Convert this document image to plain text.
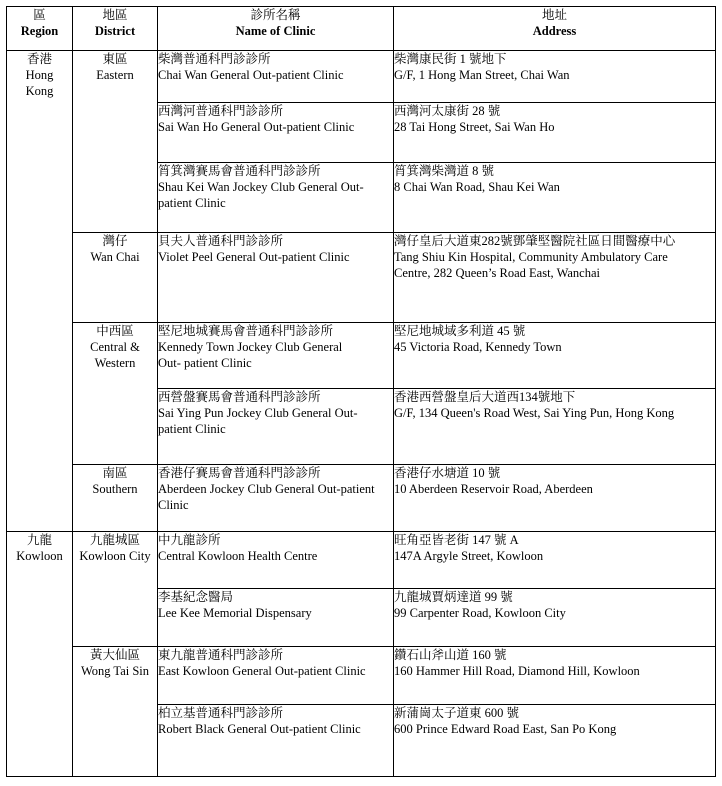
區
Region	地區
District	診所名稱
Name of Clinic	地址
Address

香港
Hong
Kong	東區
Eastern	柴灣普通科門診診所
Chai Wan General Out-patient Clinic	柴灣康民街 1 號地下
G/F, 1 Hong Man Street, Chai Wan

		西灣河普通科門診診所
Sai Wan Ho General Out-patient Clinic	西灣河太康街 28 號
28 Tai Hong Street, Sai Wan Ho

		筲箕灣賽馬會普通科門診診所
Shau Kei Wan Jockey Club General Out-
patient Clinic	筲箕灣柴灣道 8 號
8 Chai Wan Road, Shau Kei Wan

	灣仔
Wan Chai	貝夫人普通科門診診所
Violet Peel General Out-patient Clinic	灣仔皇后大道東282號鄧肇堅醫院社區日間醫療中心
Tang Shiu Kin Hospital, Community Ambulatory Care
Centre, 282 Queen’s Road East, Wanchai

	中西區
Central &
Western	堅尼地城賽馬會普通科門診診所
Kennedy Town Jockey Club General
Out- patient Clinic	堅尼地城域多利道 45 號
45 Victoria Road, Kennedy Town

		西營盤賽馬會普通科門診診所
Sai Ying Pun Jockey Club General Out-
patient Clinic	香港西營盤皇后大道西134號地下
G/F, 134 Queen's Road West, Sai Ying Pun, Hong Kong

	南區
Southern	香港仔賽馬會普通科門診診所
Aberdeen Jockey Club General Out-patient
Clinic	香港仔水塘道 10 號
10 Aberdeen Reservoir Road, Aberdeen

九龍
Kowloon	九龍城區
Kowloon City	中九龍診所
Central Kowloon Health Centre	旺角亞皆老街 147 號 A
147A Argyle Street, Kowloon

		李基紀念醫局
Lee Kee Memorial Dispensary	九龍城賈炳達道 99 號
99 Carpenter Road, Kowloon City

	黃大仙區
Wong Tai Sin	東九龍普通科門診診所
East Kowloon General Out-patient Clinic	鑽石山斧山道 160 號
160 Hammer Hill Road, Diamond Hill, Kowloon

		柏立基普通科門診診所
Robert Black General Out-patient Clinic	新蒲崗太子道東 600 號
600 Prince Edward Road East, San Po Kong
